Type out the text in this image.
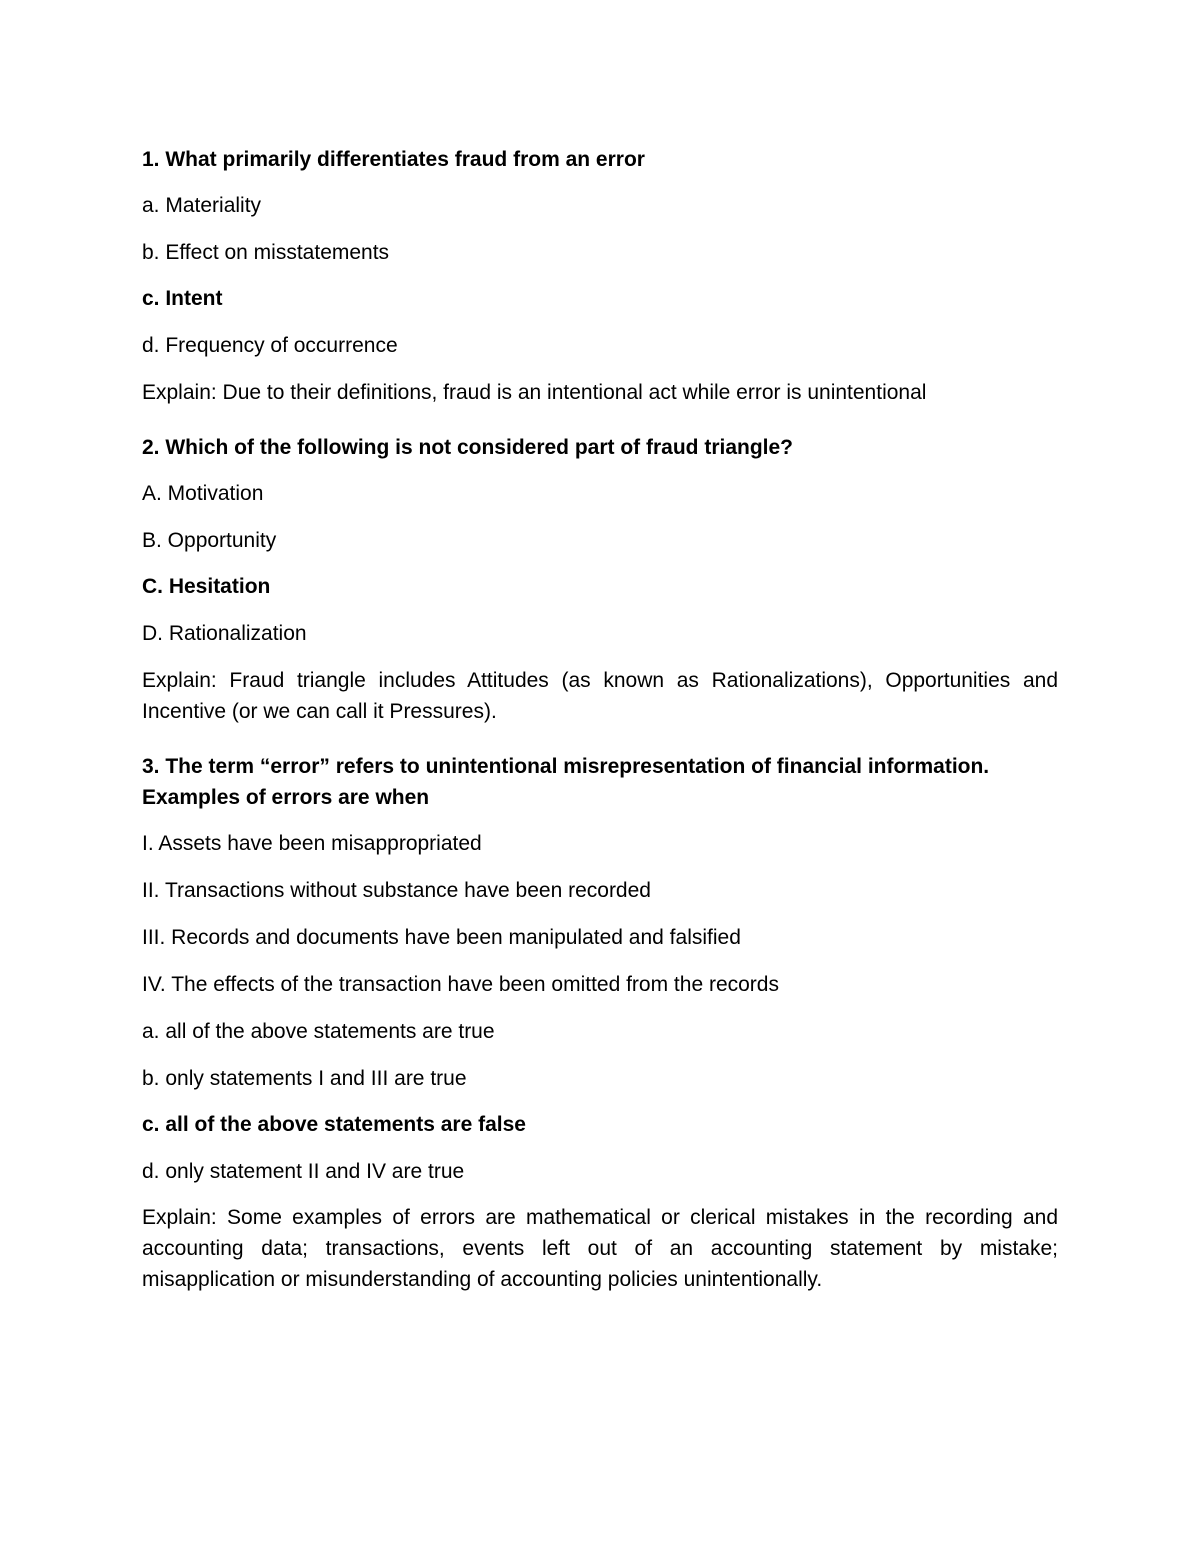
1. What primarily differentiates fraud from an error
a. Materiality
b. Effect on misstatements
c. Intent
d. Frequency of occurrence
Explain: Due to their definitions, fraud is an intentional act while error is unintentional
2. Which of the following is not considered part of fraud triangle?
A. Motivation
B. Opportunity
C. Hesitation
D. Rationalization
Explain: Fraud triangle includes Attitudes (as known as Rationalizations), Opportunities and Incentive (or we can call it Pressures).
3. The term “error” refers to unintentional misrepresentation of financial information. Examples of errors are when
I. Assets have been misappropriated
II. Transactions without substance have been recorded
III. Records and documents have been manipulated and falsified
IV. The effects of the transaction have been omitted from the records
a. all of the above statements are true
b. only statements I and III are true
c. all of the above statements are false
d. only statement II and IV are true
Explain: Some examples of errors are mathematical or clerical mistakes in the recording and accounting data; transactions, events left out of an accounting statement by mistake; misapplication or misunderstanding of accounting policies unintentionally.
